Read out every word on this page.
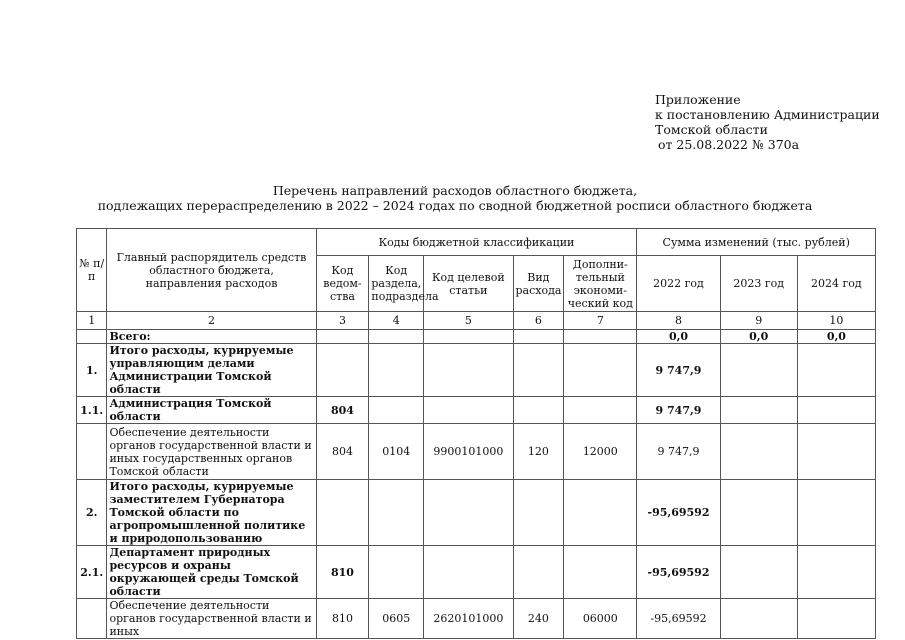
Приложение
к постановлению Администрации
Томской области
от 25.08.2022 № 370а
Перечень направлений расходов областного бюджета,
подлежащих перераспределению в 2022 – 2024 годах по сводной бюджетной росписи областного бюджета
№ п/п	Главный распорядитель средств областного бюджета, направления расходов	Коды бюджетной классификации					Сумма изменений (тыс. рублей)		
		Код ведом-ства	Код раздела, подраздела	Код целевой статьи	Вид расхода	Дополни-тельный экономи-ческий код	2022 год	2023 год	2024 год
1	2	3	4	5	6	7	8	9	10
	Всего:						0,0	0,0	0,0
1.	Итого расходы, курируемые управляющим делами Администрации Томской области						9 747,9		
1.1.	Администрация Томской области	804					9 747,9		
	Обеспечение деятельности органов государственной власти и иных государственных органов Томской области	804	0104	9900101000	120	12000	9 747,9		
2.	Итого расходы, курируемые заместителем Губернатора Томской области по агропромышленной политике и природопользованию						-95,69592		
2.1.	Департамент природных ресурсов и охраны окружающей среды Томской области	810					-95,69592		
	Обеспечение деятельности органов государственной власти и иных	810	0605	2620101000	240	06000	-95,69592		
